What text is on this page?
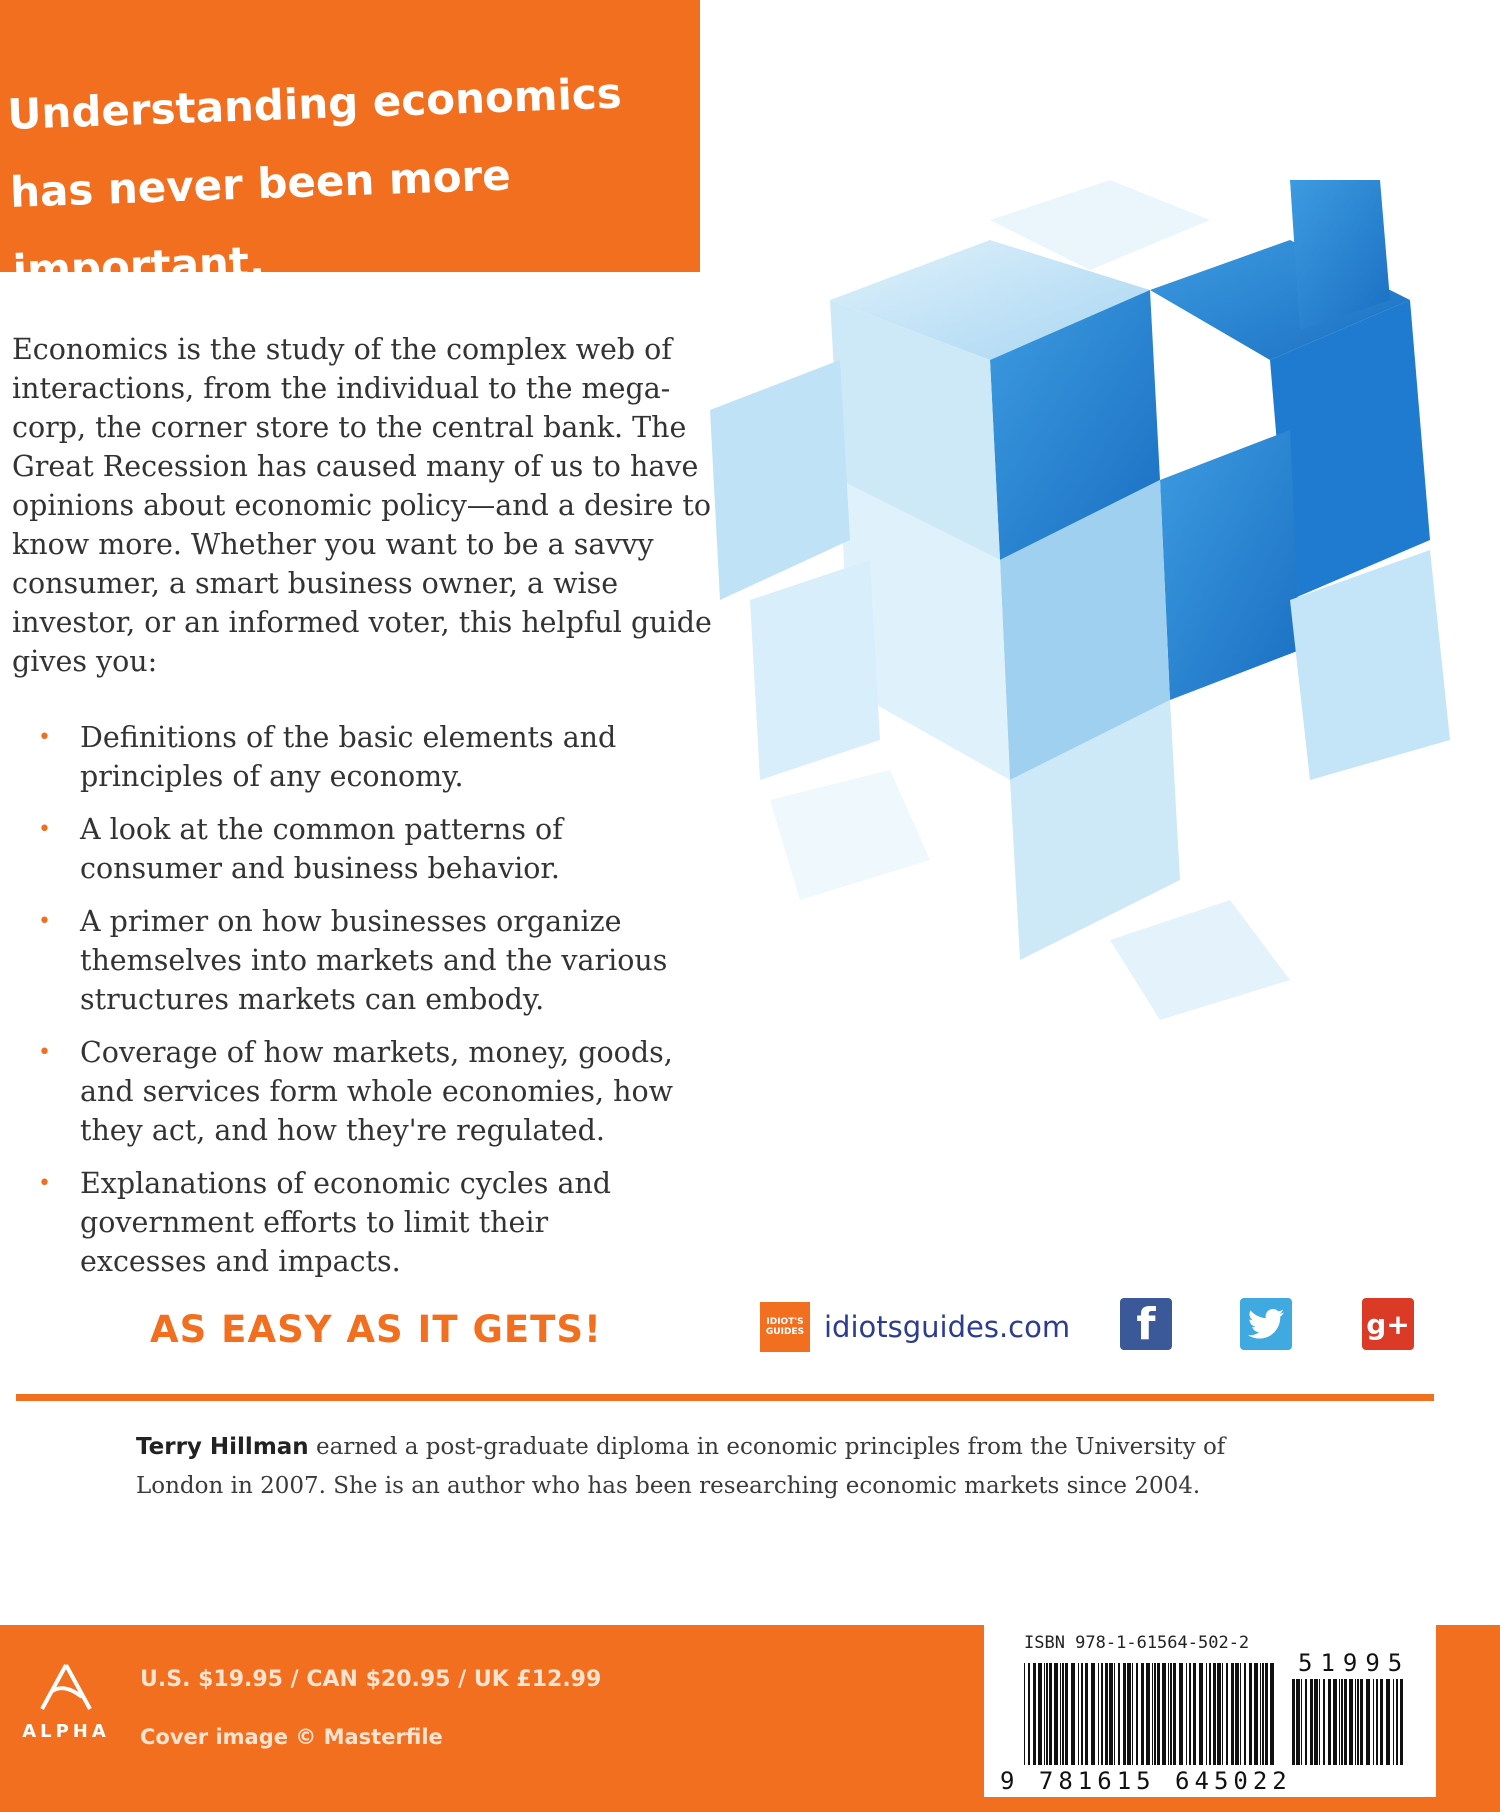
Understanding economics has never been more important.

Economics is the study of the complex web of interactions, from the individual to the mega-corp, the corner store to the central bank. The Great Recession has caused many of us to have opinions about economic policy—and a desire to know more. Whether you want to be a savvy consumer, a smart business owner, a wise investor, or an informed voter, this helpful guide gives you:

• Definitions of the basic elements and principles of any economy.
• A look at the common patterns of consumer and business behavior.
• A primer on how businesses organize themselves into markets and the various structures markets can embody.
• Coverage of how markets, money, goods, and services form whole economies, how they act, and how they're regulated.
• Explanations of economic cycles and government efforts to limit their excesses and impacts.

AS EASY AS IT GETS!	IDIOT'S GUIDES idiotsguides.com	f	g+

Terry Hillman earned a post-graduate diploma in economic principles from the University of London in 2007. She is an author who has been researching economic markets since 2004.

ALPHA

U.S. $19.95 / CAN $20.95 / UK £12.99

Cover image © Masterfile

ISBN 978-1-61564-502-2

51995

9 781615 645022
